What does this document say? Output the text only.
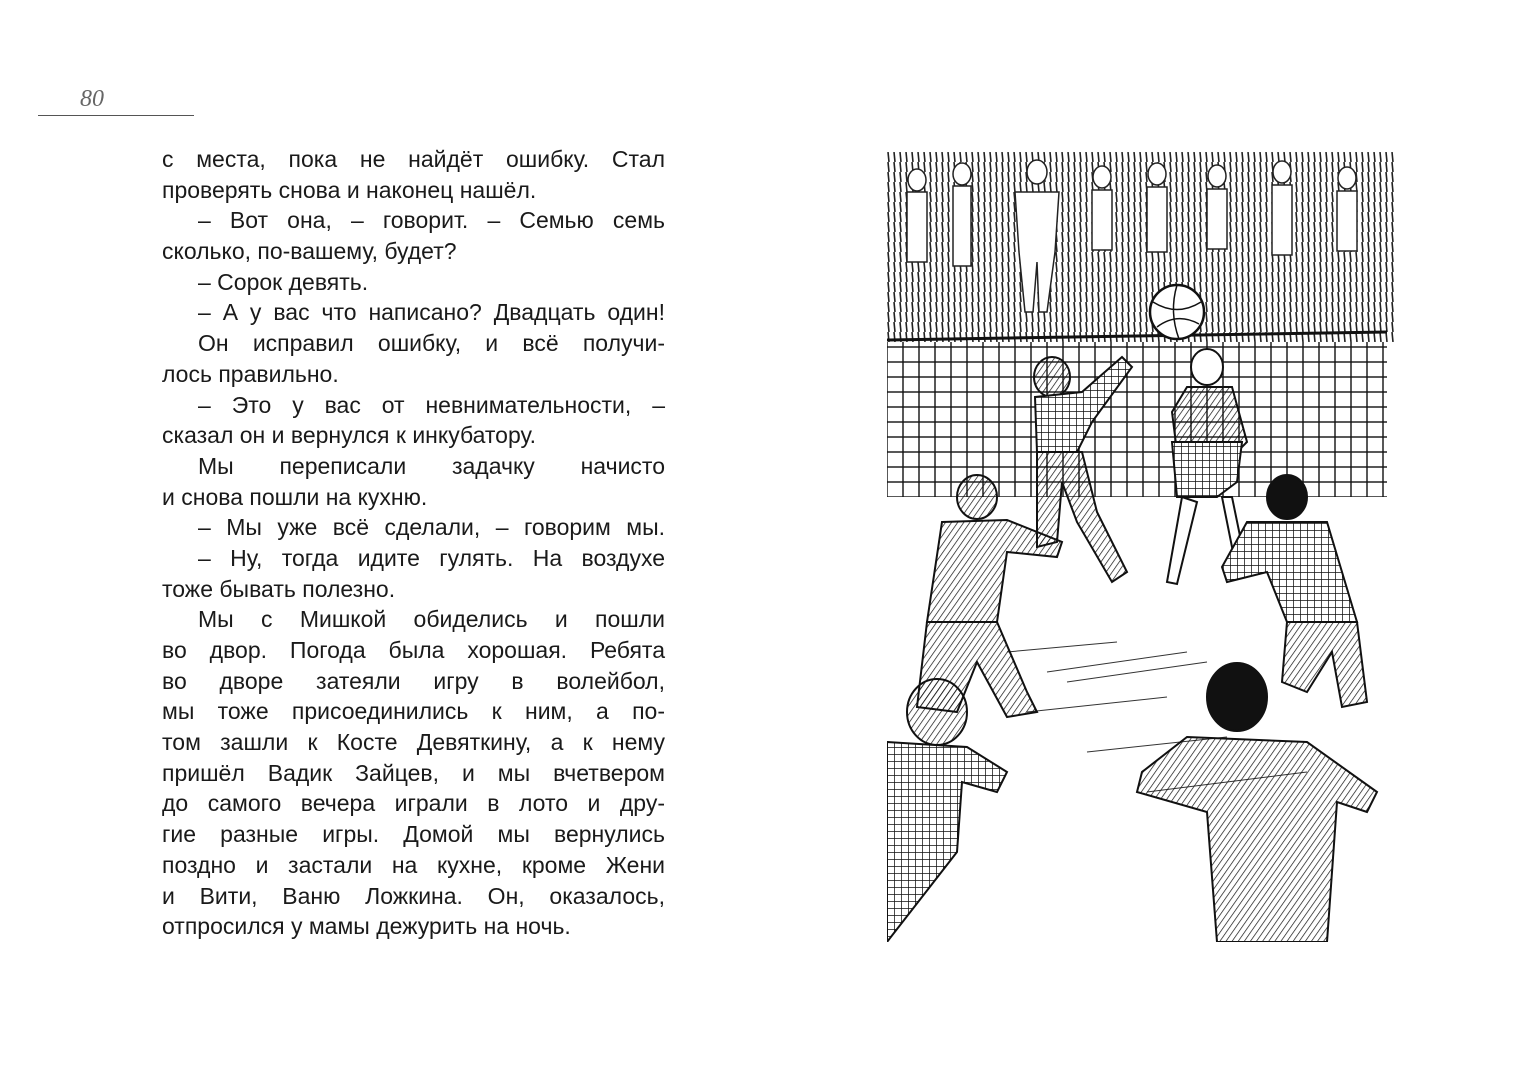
80
с места, пока не найдёт ошибку. Стал
проверять снова и наконец нашёл.
– Вот она, – говорит. – Семью семь
сколько, по-вашему, будет?
– Сорок девять.
– А у вас что написано? Двадцать один!
Он исправил ошибку, и всё получи-
лось правильно.
– Это у вас от невнимательности, –
сказал он и вернулся к инкубатору.
Мы переписали задачку начисто
и снова пошли на кухню.
– Мы уже всё сделали, – говорим мы.
– Ну, тогда идите гулять. На воздухе
тоже бывать полезно.
Мы с Мишкой обиделись и пошли
во двор. Погода была хорошая. Ребята
во дворе затеяли игру в волейбол,
мы тоже присоединились к ним, а по-
том зашли к Косте Девяткину, а к нему
пришёл Вадик Зайцев, и мы вчетвером
до самого вечера играли в лото и дру-
гие разные игры. Домой мы вернулись
поздно и застали на кухне, кроме Жени
и Вити, Ваню Ложкина. Он, оказалось,
отпросился у мамы дежурить на ночь.
